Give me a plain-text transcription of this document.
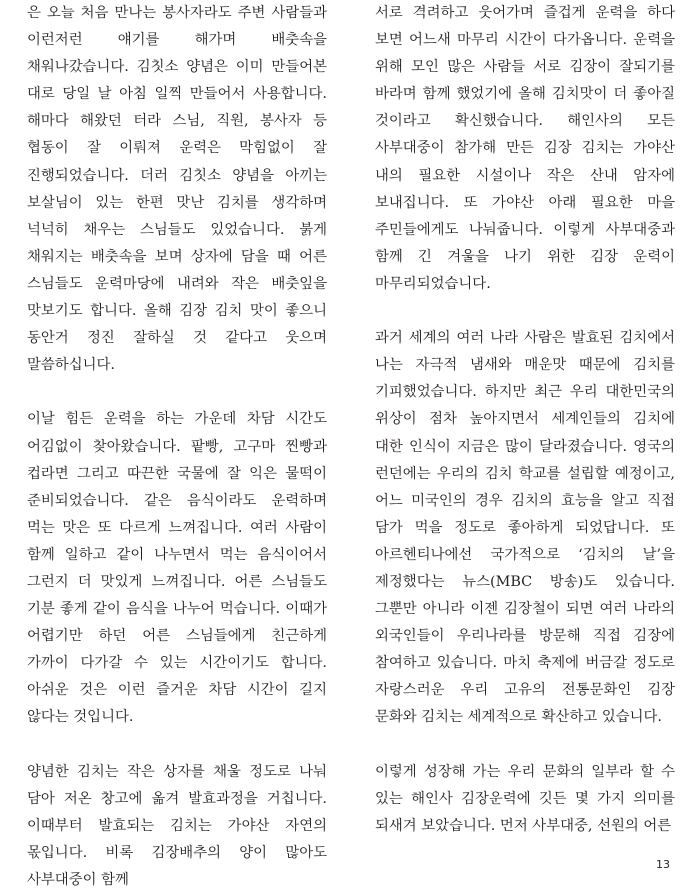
은 오늘 처음 만나는 봉사자라도 주변 사람들과 이런저런 얘기를 해가며 배춧속을 채워나갔습니다. 김칫소 양념은 이미 만들어본 대로 당일 날 아침 일찍 만들어서 사용합니다. 해마다 해왔던 터라 스님, 직원, 봉사자 등 협동이 잘 이뤄져 운력은 막힘없이 잘 진행되었습니다. 더러 김칫소 양념을 아끼는 보살님이 있는 한편 맛난 김치를 생각하며 넉넉히 채우는 스님들도 있었습니다. 붉게 채워지는 배춧속을 보며 상자에 담을 때 어른 스님들도 운력마당에 내려와 작은 배춧잎을 맛보기도 합니다. 올해 김장 김치 맛이 좋으니 동안거 정진 잘하실 것 같다고 웃으며 말씀하십니다.

이날 힘든 운력을 하는 가운데 차담 시간도 어김없이 찾아왔습니다. 팥빵, 고구마 찐빵과 컵라면 그리고 따끈한 국물에 잘 익은 물떡이 준비되었습니다. 같은 음식이라도 운력하며 먹는 맛은 또 다르게 느껴집니다. 여러 사람이 함께 일하고 같이 나누면서 먹는 음식이어서 그런지 더 맛있게 느껴집니다. 어른 스님들도 기분 좋게 같이 음식을 나누어 먹습니다. 이때가 어렵기만 하던 어른 스님들에게 친근하게 가까이 다가갈 수 있는 시간이기도 합니다. 아쉬운 것은 이런 즐거운 차담 시간이 길지 않다는 것입니다.

양념한 김치는 작은 상자를 채울 정도로 나눠 담아 저온 창고에 옮겨 발효과정을 거칩니다. 이때부터 발효되는 김치는 가야산 자연의 몫입니다. 비록 김장배추의 양이 많아도 사부대중이 함께

서로 격려하고 웃어가며 즐겁게 운력을 하다 보면 어느새 마무리 시간이 다가옵니다. 운력을 위해 모인 많은 사람들 서로 김장이 잘되기를 바라며 함께 했었기에 올해 김치맛이 더 좋아질 것이라고 확신했습니다. 해인사의 모든 사부대중이 참가해 만든 김장 김치는 가야산 내의 필요한 시설이나 작은 산내 암자에 보내집니다. 또 가야산 아래 필요한 마을 주민들에게도 나눠줍니다. 이렇게 사부대중과 함께 긴 겨울을 나기 위한 김장 운력이 마무리되었습니다.

과거 세계의 여러 나라 사람은 발효된 김치에서 나는 자극적 냄새와 매운맛 때문에 김치를 기피했었습니다. 하지만 최근 우리 대한민국의 위상이 점차 높아지면서 세계인들의 김치에 대한 인식이 지금은 많이 달라졌습니다. 영국의 런던에는 우리의 김치 학교를 설립할 예정이고, 어느 미국인의 경우 김치의 효능을 알고 직접 담가 먹을 정도로 좋아하게 되었답니다. 또 아르헨티나에선 국가적으로 ‘김치의 날’을 제정했다는 뉴스(MBC 방송)도 있습니다. 그뿐만 아니라 이젠 김장철이 되면 여러 나라의 외국인들이 우리나라를 방문해 직접 김장에 참여하고 있습니다. 마치 축제에 버금갈 정도로 자랑스러운 우리 고유의 전통문화인 김장 문화와 김치는 세계적으로 확산하고 있습니다.

이렇게 성장해 가는 우리 문화의 일부라 할 수 있는 해인사 김장운력에 깃든 몇 가지 의미를 되새겨 보았습니다. 먼저 사부대중, 선원의 어른

13
